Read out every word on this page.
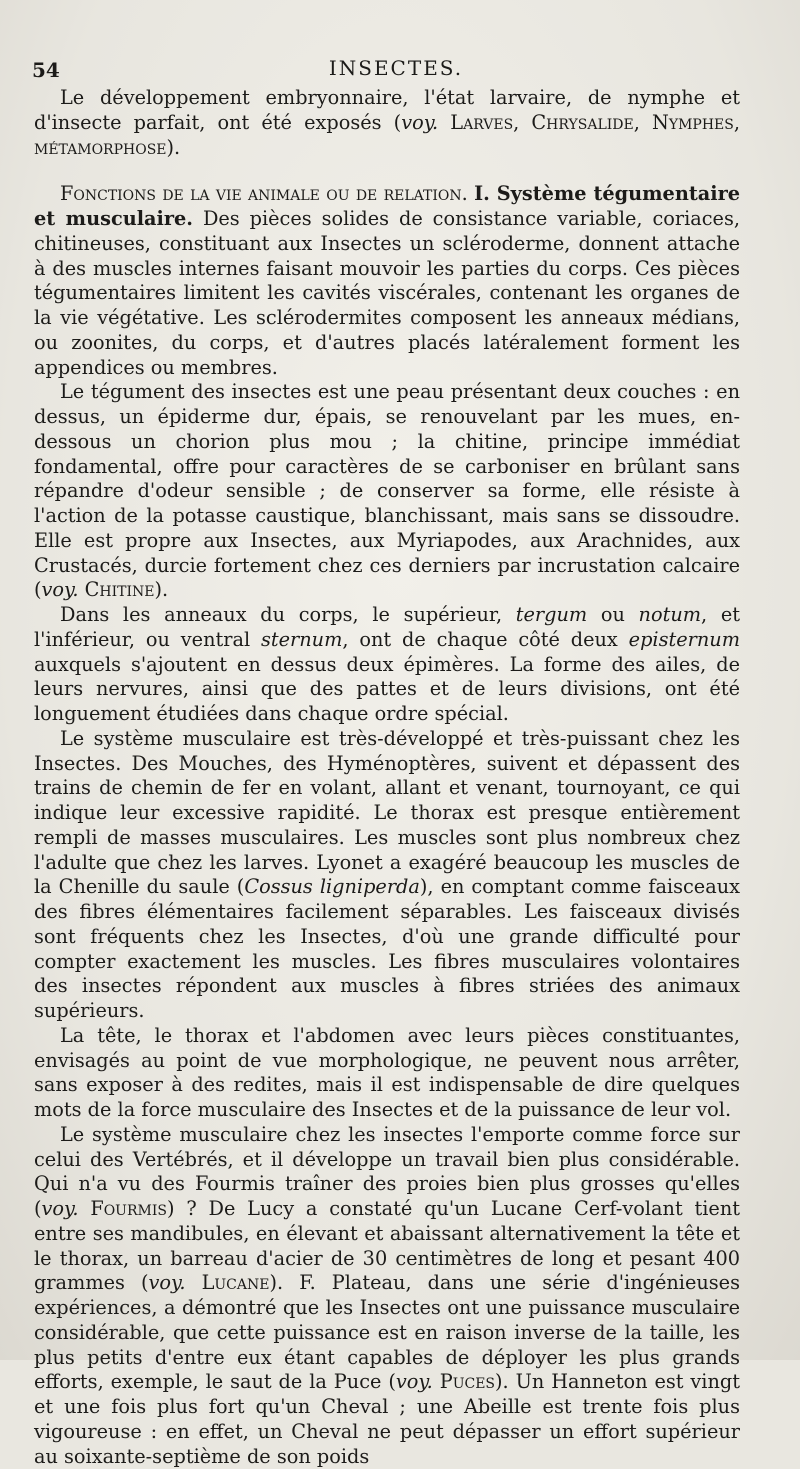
54	INSECTES.

Le développement embryonnaire, l'état larvaire, de nymphe et d'insecte parfait, ont été exposés (voy. Larves, Chrysalide, Nymphes, métamorphose).

Fonctions de la vie animale ou de relation. I. Système tégumentaire et musculaire. Des pièces solides de consistance variable, coriaces, chitineuses, constituant aux Insectes un scléroderme, donnent attache à des muscles internes faisant mouvoir les parties du corps. Ces pièces tégumentaires limitent les cavités viscérales, contenant les organes de la vie végétative. Les sclérodermites composent les anneaux médians, ou zoonites, du corps, et d'autres placés latéralement forment les appendices ou membres.

Le tégument des insectes est une peau présentant deux couches : en dessus, un épiderme dur, épais, se renouvelant par les mues, en-dessous un chorion plus mou ; la chitine, principe immédiat fondamental, offre pour caractères de se carboniser en brûlant sans répandre d'odeur sensible ; de conserver sa forme, elle résiste à l'action de la potasse caustique, blanchissant, mais sans se dissoudre. Elle est propre aux Insectes, aux Myriapodes, aux Arachnides, aux Crustacés, durcie fortement chez ces derniers par incrustation calcaire (voy. Chitine).

Dans les anneaux du corps, le supérieur, tergum ou notum, et l'inférieur, ou ventral sternum, ont de chaque côté deux episternum auxquels s'ajoutent en dessus deux épimères. La forme des ailes, de leurs nervures, ainsi que des pattes et de leurs divisions, ont été longuement étudiées dans chaque ordre spécial.

Le système musculaire est très-développé et très-puissant chez les Insectes. Des Mouches, des Hyménoptères, suivent et dépassent des trains de chemin de fer en volant, allant et venant, tournoyant, ce qui indique leur excessive rapidité. Le thorax est presque entièrement rempli de masses musculaires. Les muscles sont plus nombreux chez l'adulte que chez les larves. Lyonet a exagéré beaucoup les muscles de la Chenille du saule (Cossus ligniperda), en comptant comme faisceaux des fibres élémentaires facilement séparables. Les faisceaux divisés sont fréquents chez les Insectes, d'où une grande difficulté pour compter exactement les muscles. Les fibres musculaires volontaires des insectes répondent aux muscles à fibres striées des animaux supérieurs.

La tête, le thorax et l'abdomen avec leurs pièces constituantes, envisagés au point de vue morphologique, ne peuvent nous arrêter, sans exposer à des redites, mais il est indispensable de dire quelques mots de la force musculaire des Insectes et de la puissance de leur vol.

Le système musculaire chez les insectes l'emporte comme force sur celui des Vertébrés, et il développe un travail bien plus considérable. Qui n'a vu des Fourmis traîner des proies bien plus grosses qu'elles (voy. Fourmis) ? De Lucy a constaté qu'un Lucane Cerf-volant tient entre ses mandibules, en élevant et abaissant alternativement la tête et le thorax, un barreau d'acier de 30 centimètres de long et pesant 400 grammes (voy. Lucane). F. Plateau, dans une série d'ingénieuses expériences, a démontré que les Insectes ont une puissance musculaire considérable, que cette puissance est en raison inverse de la taille, les plus petits d'entre eux étant capables de déployer les plus grands efforts, exemple, le saut de la Puce (voy. Puces). Un Hanneton est vingt et une fois plus fort qu'un Cheval ; une Abeille est trente fois plus vigoureuse : en effet, un Cheval ne peut dépasser un effort supérieur au soixante-septième de son poids
